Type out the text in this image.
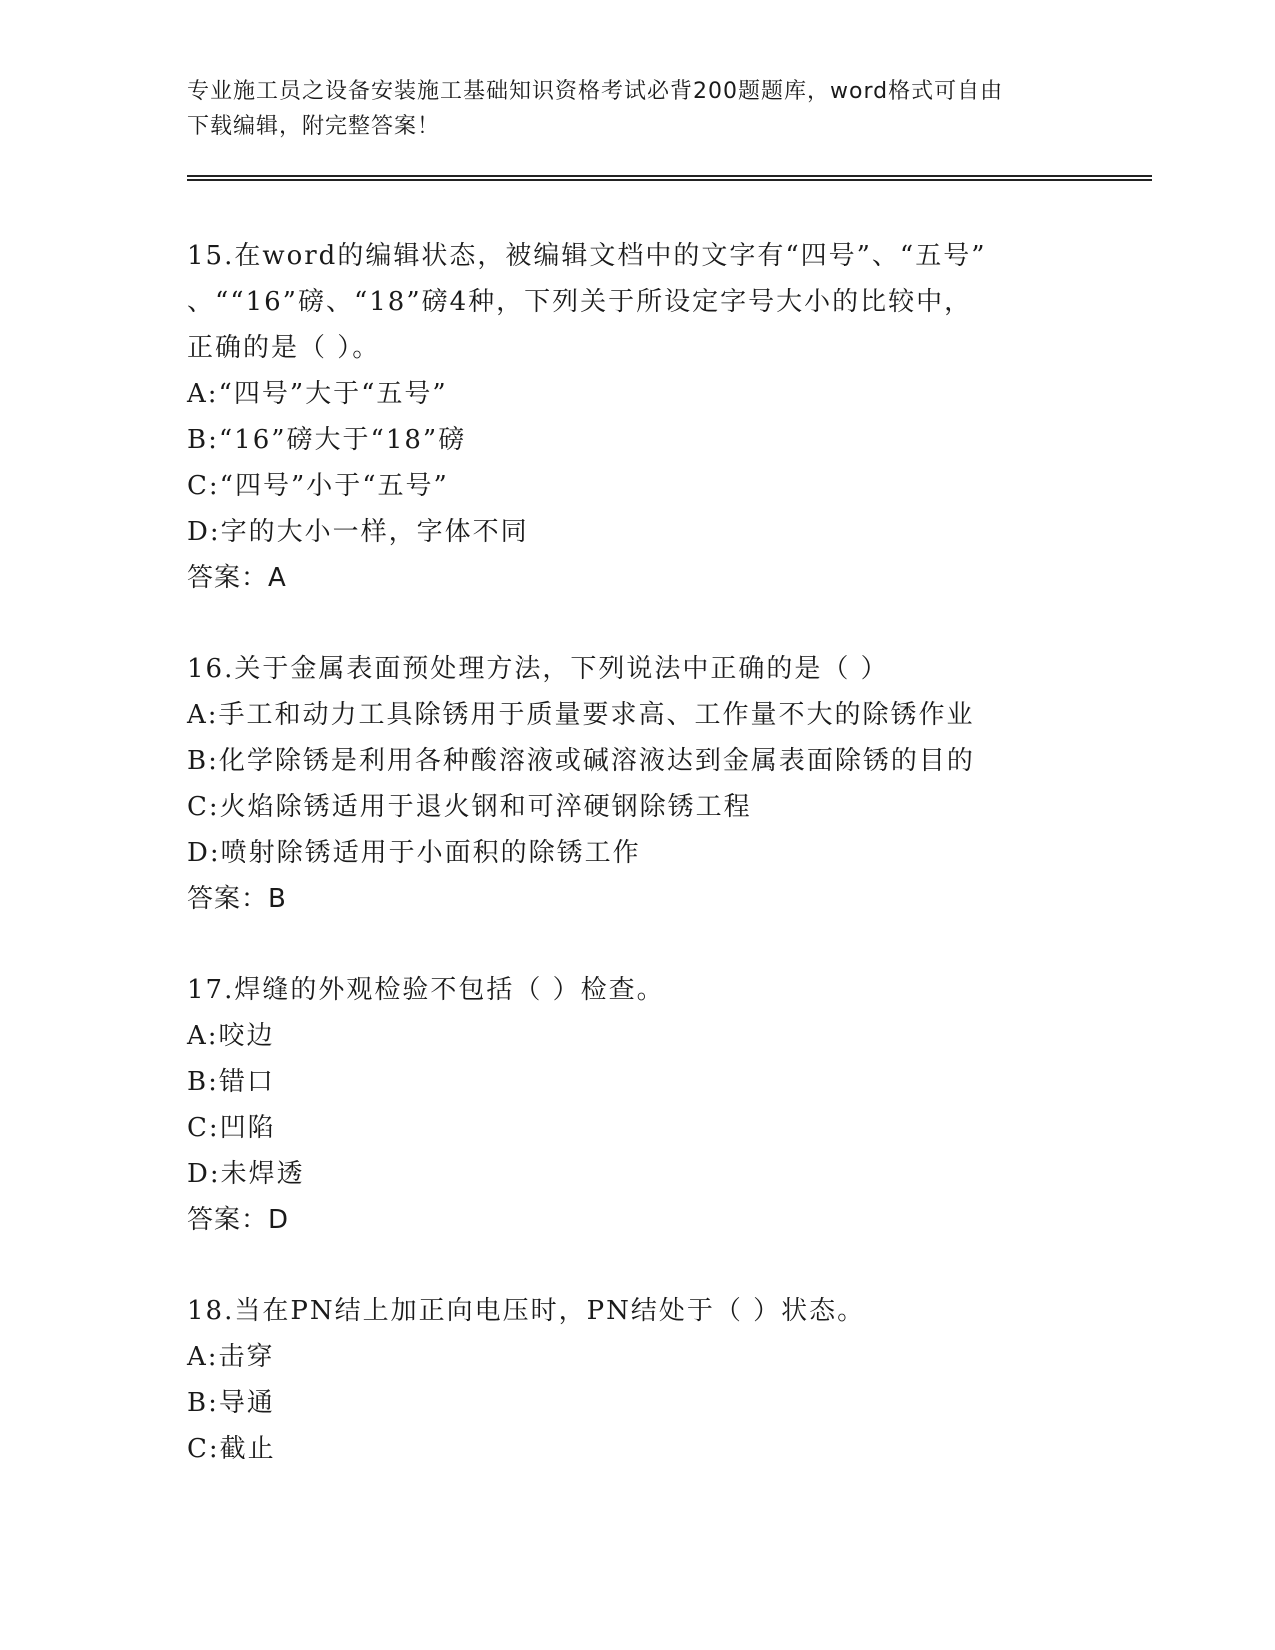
专业施工员之设备安装施工基础知识资格考试必背200题题库，word格式可自由
下载编辑，附完整答案！
15.在word的编辑状态，被编辑文档中的文字有“四号”、“五号”
、““16”磅、“18”磅4种，下列关于所设定字号大小的比较中，
正确的是（ ）。
A:“四号”大于“五号”
B:“16”磅大于“18”磅
C:“四号”小于“五号”
D:字的大小一样，字体不同
答案：A
16.关于金属表面预处理方法，下列说法中正确的是（ ）
A:手工和动力工具除锈用于质量要求高、工作量不大的除锈作业
B:化学除锈是利用各种酸溶液或碱溶液达到金属表面除锈的目的
C:火焰除锈适用于退火钢和可淬硬钢除锈工程
D:喷射除锈适用于小面积的除锈工作
答案：B
17.焊缝的外观检验不包括（ ）检查。
A:咬边
B:错口
C:凹陷
D:未焊透
答案：D
18.当在PN结上加正向电压时，PN结处于（ ）状态。
A:击穿
B:导通
C:截止
